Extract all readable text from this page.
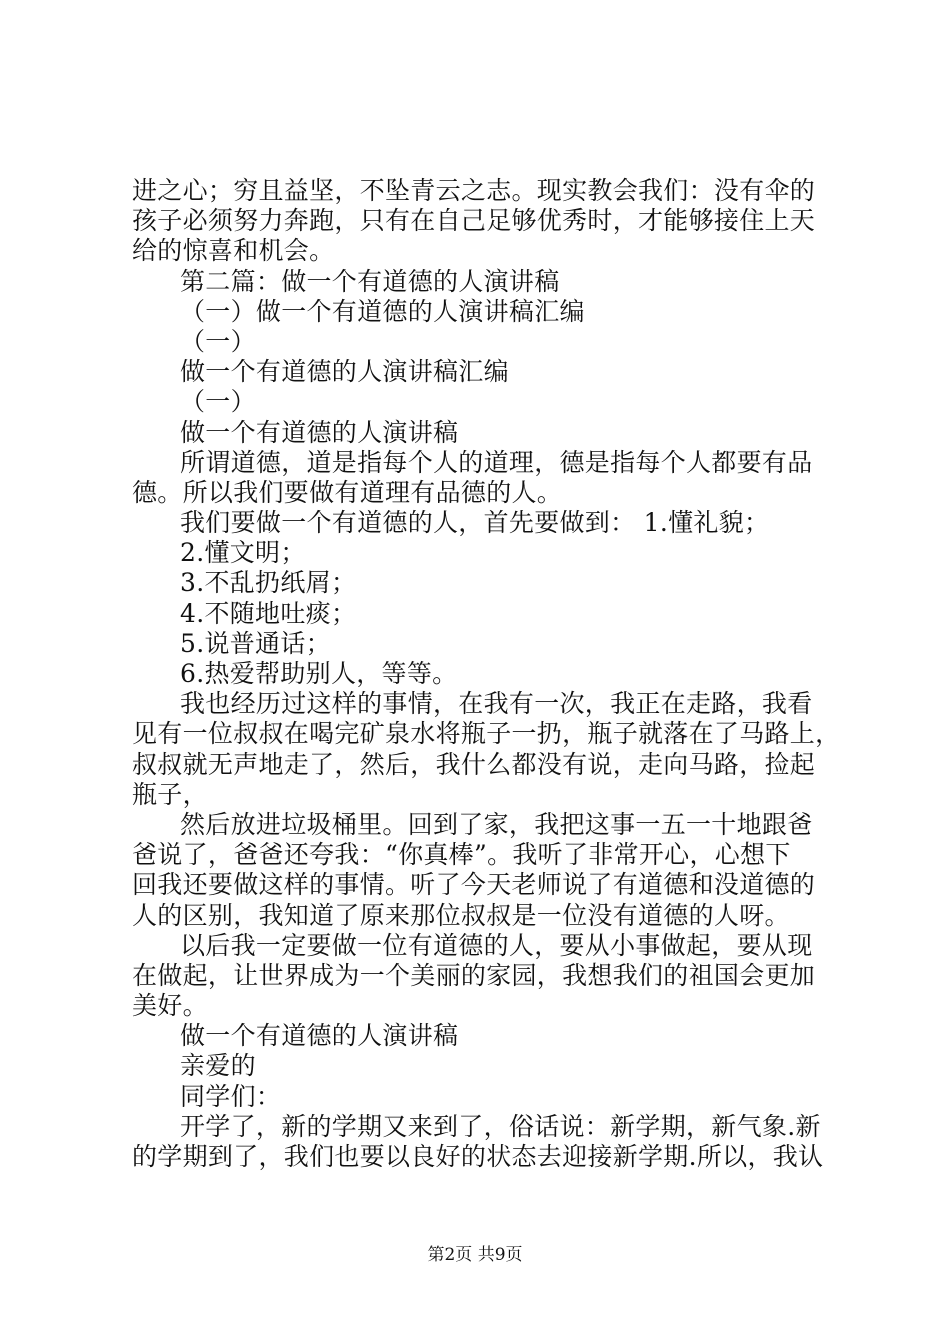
进之心；穷且益坚，不坠青云之志。现实教会我们：没有伞的
孩子必须努力奔跑，只有在自己足够优秀时，才能够接住上天
给的惊喜和机会。
第二篇：做一个有道德的人演讲稿
（一）做一个有道德的人演讲稿汇编
（一）
做一个有道德的人演讲稿汇编
（一）
做一个有道德的人演讲稿
所谓道德，道是指每个人的道理，德是指每个人都要有品
德。所以我们要做有道理有品德的人。
我们要做一个有道德的人，首先要做到： 1.懂礼貌；
2.懂文明；
3.不乱扔纸屑；
4.不随地吐痰；
5.说普通话；
6.热爱帮助别人，等等。
我也经历过这样的事情，在我有一次，我正在走路，我看
见有一位叔叔在喝完矿泉水将瓶子一扔，瓶子就落在了马路上，
叔叔就无声地走了，然后，我什么都没有说，走向马路，捡起
瓶子，
然后放进垃圾桶里。回到了家，我把这事一五一十地跟爸
爸说了，爸爸还夸我：“你真棒”。我听了非常开心，心想下
回我还要做这样的事情。听了今天老师说了有道德和没道德的
人的区别，我知道了原来那位叔叔是一位没有道德的人呀。
以后我一定要做一位有道德的人，要从小事做起，要从现
在做起，让世界成为一个美丽的家园，我想我们的祖国会更加
美好。
做一个有道德的人演讲稿
亲爱的
同学们：
开学了，新的学期又来到了，俗话说：新学期，新气象.新
的学期到了，我们也要以良好的状态去迎接新学期.所以，我认
第2页 共9页
